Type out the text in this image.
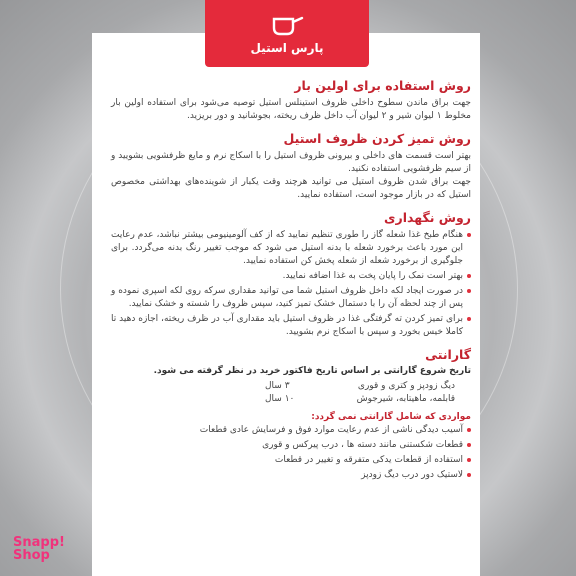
پارس استیل
روش استفاده برای اولین بار

جهت براق ماندن سطوح داخلی ظروف استینلس استیل توصیه می‌شود برای استفاده اولین بار مخلوط ۱ لیوان شیر و ۲ لیوان آب داخل ظرف ریخته، بجوشانید و دور بریزید.

روش تمیز کردن ظروف استیل

بهتر است قسمت های داخلی و بیرونی ظروف استیل را با اسکاج نرم و مایع ظرفشویی بشویید و از سیم ظرفشویی استفاده نکنید.

جهت براق شدن ظروف استیل می توانید هرچند وقت یکبار از شوینده‌های بهداشتی مخصوص استیل که در بازار موجود است، استفاده نمایید.

روش نگهداری

هنگام طبخ غذا شعله گاز را طوری تنظیم نمایید که از کف آلومینیومی بیشتر نباشد، عدم رعایت این مورد باعث برخورد شعله با بدنه استیل می شود که موجب تغییر رنگ بدنه می‌گردد. برای جلوگیری از برخورد شعله از شعله پخش کن استفاده نمایید.

بهتر است نمک را پایان پخت به غذا اضافه نمایید.

در صورت ایجاد لکه داخل ظروف استیل شما می توانید مقداری سرکه روی لکه اسپری نموده و پس از چند لحظه آن را با دستمال خشک تمیز کنید، سپس ظروف را شسته و خشک نمایید.

برای تمیز کردن ته گرفتگی غذا در ظروف استیل باید مقداری آب در ظرف ریخته، اجازه دهید تا کاملا خیس بخورد و سپس با اسکاج نرم بشویید.

گارانتی

تاریخ شروع گارانتی بر اساس تاریخ فاکتور خرید در نظر گرفته می شود.

دیگ زودپز و کتری و قوری	۳ سال
قابلمه، ماهیتابه، شیرجوش	۱۰ سال

مواردی که شامل گارانتی نمی گردد:

آسیب دیدگی ناشی از عدم رعایت موارد فوق و فرسایش عادی قطعات

قطعات شکستنی مانند دسته ها ، درب پیرکس و قوری

استفاده از قطعات یدکی متفرقه و تغییر در قطعات

لاستیک دور درب دیگ زودپز

Snapp!
Shop
